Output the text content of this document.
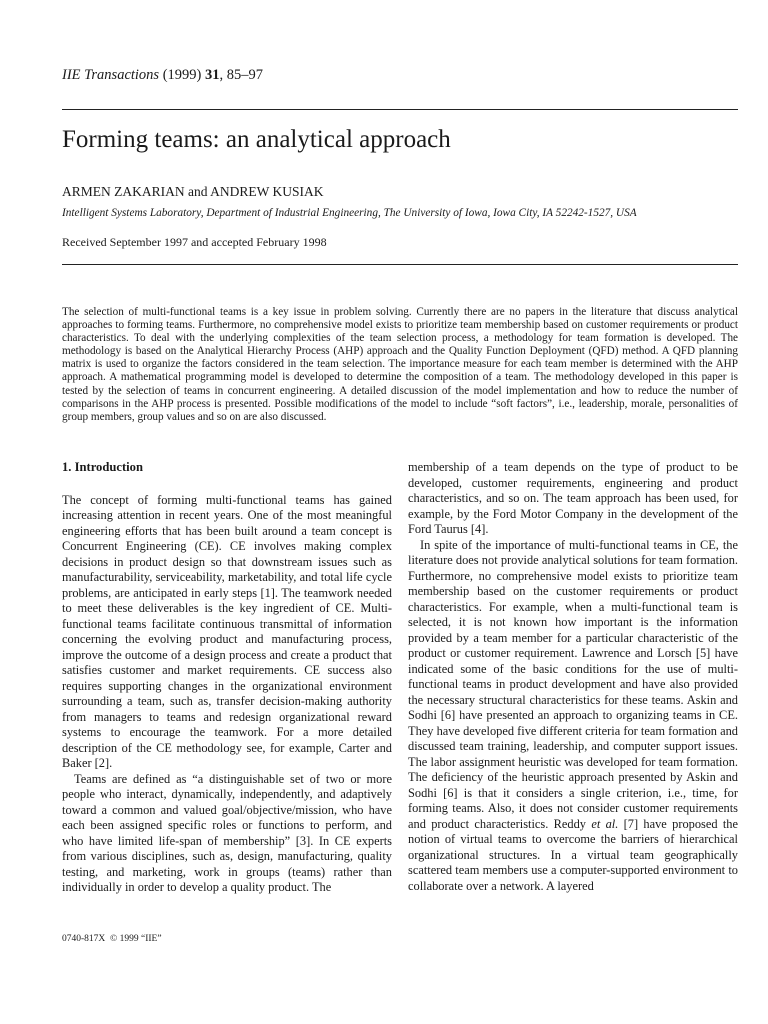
IIE Transactions (1999) 31, 85–97
Forming teams: an analytical approach
ARMEN ZAKARIAN and ANDREW KUSIAK
Intelligent Systems Laboratory, Department of Industrial Engineering, The University of Iowa, Iowa City, IA 52242-1527, USA
Received September 1997 and accepted February 1998

The selection of multi-functional teams is a key issue in problem solving. Currently there are no papers in the literature that discuss analytical approaches to forming teams. Furthermore, no comprehensive model exists to prioritize team membership based on customer requirements or product characteristics. To deal with the underlying complexities of the team selection process, a methodology for team formation is developed. The methodology is based on the Analytical Hierarchy Process (AHP) approach and the Quality Function Deployment (QFD) method. A QFD planning matrix is used to organize the factors considered in the team selection. The importance measure for each team member is determined with the AHP approach. A mathematical programming model is developed to determine the composition of a team. The methodology developed in this paper is tested by the selection of teams in concurrent engineering. A detailed discussion of the model implementation and how to reduce the number of comparisons in the AHP process is presented. Possible modifications of the model to include “soft factors”, i.e., leadership, morale, personalities of group members, group values and so on are also discussed.

1. Introduction

The concept of forming multi-functional teams has gained increasing attention in recent years. One of the most meaningful engineering efforts that has been built around a team concept is Concurrent Engineering (CE). CE involves making complex decisions in product design so that downstream issues such as manufacturability, serviceability, marketability, and total life cycle problems, are anticipated in early steps [1]. The teamwork needed to meet these deliverables is the key ingredient of CE. Multi-functional teams facilitate continuous transmittal of information concerning the evolving product and manufacturing process, improve the outcome of a design process and create a product that satisfies customer and market requirements. CE success also requires supporting changes in the organizational environment surrounding a team, such as, transfer decision-making authority from managers to teams and redesign organizational reward systems to encourage the teamwork. For a more detailed description of the CE methodology see, for example, Carter and Baker [2].

Teams are defined as “a distinguishable set of two or more people who interact, dynamically, independently, and adaptively toward a common and valued goal/objective/mission, who have each been assigned specific roles or functions to perform, and who have limited life-span of membership” [3]. In CE experts from various disciplines, such as, design, manufacturing, quality testing, and marketing, work in groups (teams) rather than individually in order to develop a quality product. The

membership of a team depends on the type of product to be developed, customer requirements, engineering and product characteristics, and so on. The team approach has been used, for example, by the Ford Motor Company in the development of the Ford Taurus [4].

In spite of the importance of multi-functional teams in CE, the literature does not provide analytical solutions for team formation. Furthermore, no comprehensive model exists to prioritize team membership based on the customer requirements or product characteristics. For example, when a multi-functional team is selected, it is not known how important is the information provided by a team member for a particular characteristic of the product or customer requirement. Lawrence and Lorsch [5] have indicated some of the basic conditions for the use of multi-functional teams in product development and have also provided the necessary structural characteristics for these teams. Askin and Sodhi [6] have presented an approach to organizing teams in CE. They have developed five different criteria for team formation and discussed team training, leadership, and computer support issues. The labor assignment heuristic was developed for team formation. The deficiency of the heuristic approach presented by Askin and Sodhi [6] is that it considers a single criterion, i.e., time, for forming teams. Also, it does not consider customer requirements and product characteristics. Reddy et al. [7] have proposed the notion of virtual teams to overcome the barriers of hierarchical organizational structures. In a virtual team geographically scattered team members use a computer-supported environment to collaborate over a network. A layered

0740-817X  © 1999 “IIE”
